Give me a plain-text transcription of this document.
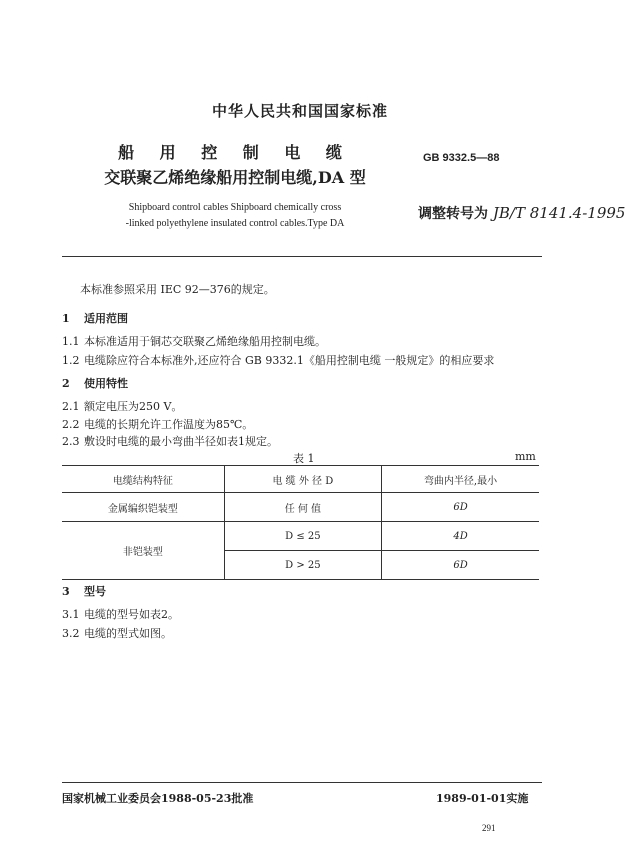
中华人民共和国国家标准
船 用 控 制 电 缆
交联聚乙烯绝缘船用控制电缆,DA 型
GB 9332.5—88
Shipboard control cables Shipboard chemically cross
-linked polyethylene insulated control cables.Type DA
调整转号为 JB/T 8141.4-1995
本标准参照采用 IEC 92—376的规定。
1 适用范围
1.1 本标准适用于铜芯交联聚乙烯绝缘船用控制电缆。
1.2 电缆除应符合本标准外,还应符合 GB 9332.1《船用控制电缆 一般规定》的相应要求
2 使用特性
2.1 额定电压为250 V。
2.2 电缆的长期允许工作温度为85℃。
2.3 敷设时电缆的最小弯曲半径如表1规定。
表 1	mm
电缆结构特征	电 缆 外 径 D	弯曲内半径,最小
金属编织铠装型	任 何 值	6D
非铠装型	D ≤ 25	4D
	D > 25	6D
3 型号
3.1 电缆的型号如表2。
3.2 电缆的型式如图。
国家机械工业委员会1988-05-23批准	1989-01-01实施
291
